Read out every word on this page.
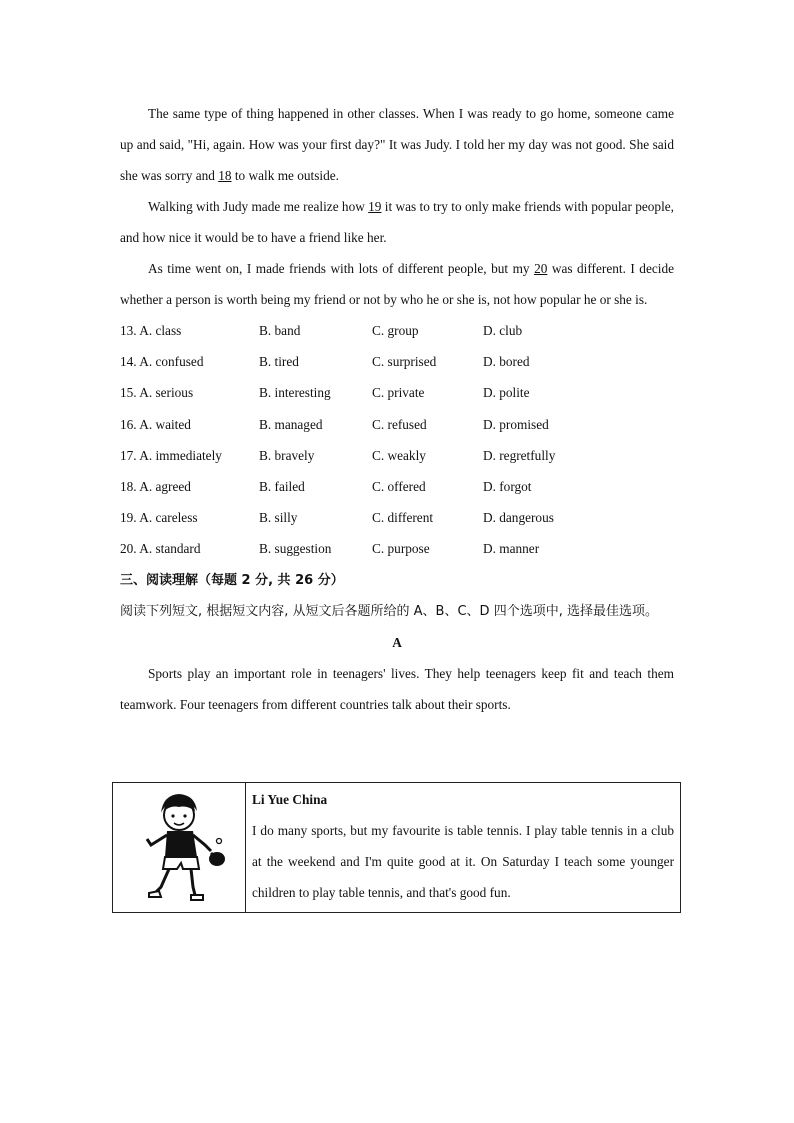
The same type of thing happened in other classes. When I was ready to go home, someone came up and said, "Hi, again. How was your first day?" It was Judy. I told her my day was not good. She said she was sorry and 18 to walk me outside.

Walking with Judy made me realize how 19 it was to try to only make friends with popular people, and how nice it would be to have a friend like her.

As time went on, I made friends with lots of different people, but my 20 was different. I decide whether a person is worth being my friend or not by who he or she is, not how popular he or she is.

13. A. class	B. band	C. group	D. club
14. A. confused	B. tired	C. surprised	D. bored
15. A. serious	B. interesting	C. private	D. polite
16. A. waited	B. managed	C. refused	D. promised
17. A. immediately	B. bravely	C. weakly	D. regretfully
18. A. agreed	B. failed	C. offered	D. forgot
19. A. careless	B. silly	C. different	D. dangerous
20. A. standard	B. suggestion	C. purpose	D. manner

三、阅读理解（每题 2 分, 共 26 分）

阅读下列短文, 根据短文内容, 从短文后各题所给的 A、B、C、D 四个选项中, 选择最佳选项。

A

Sports play an important role in teenagers' lives. They help teenagers keep fit and teach them teamwork. Four teenagers from different countries talk about their sports.

Li Yue China
I do many sports, but my favourite is table tennis. I play table tennis in a club at the weekend and I'm quite good at it. On Saturday I teach some younger children to play table tennis, and that's good fun.
